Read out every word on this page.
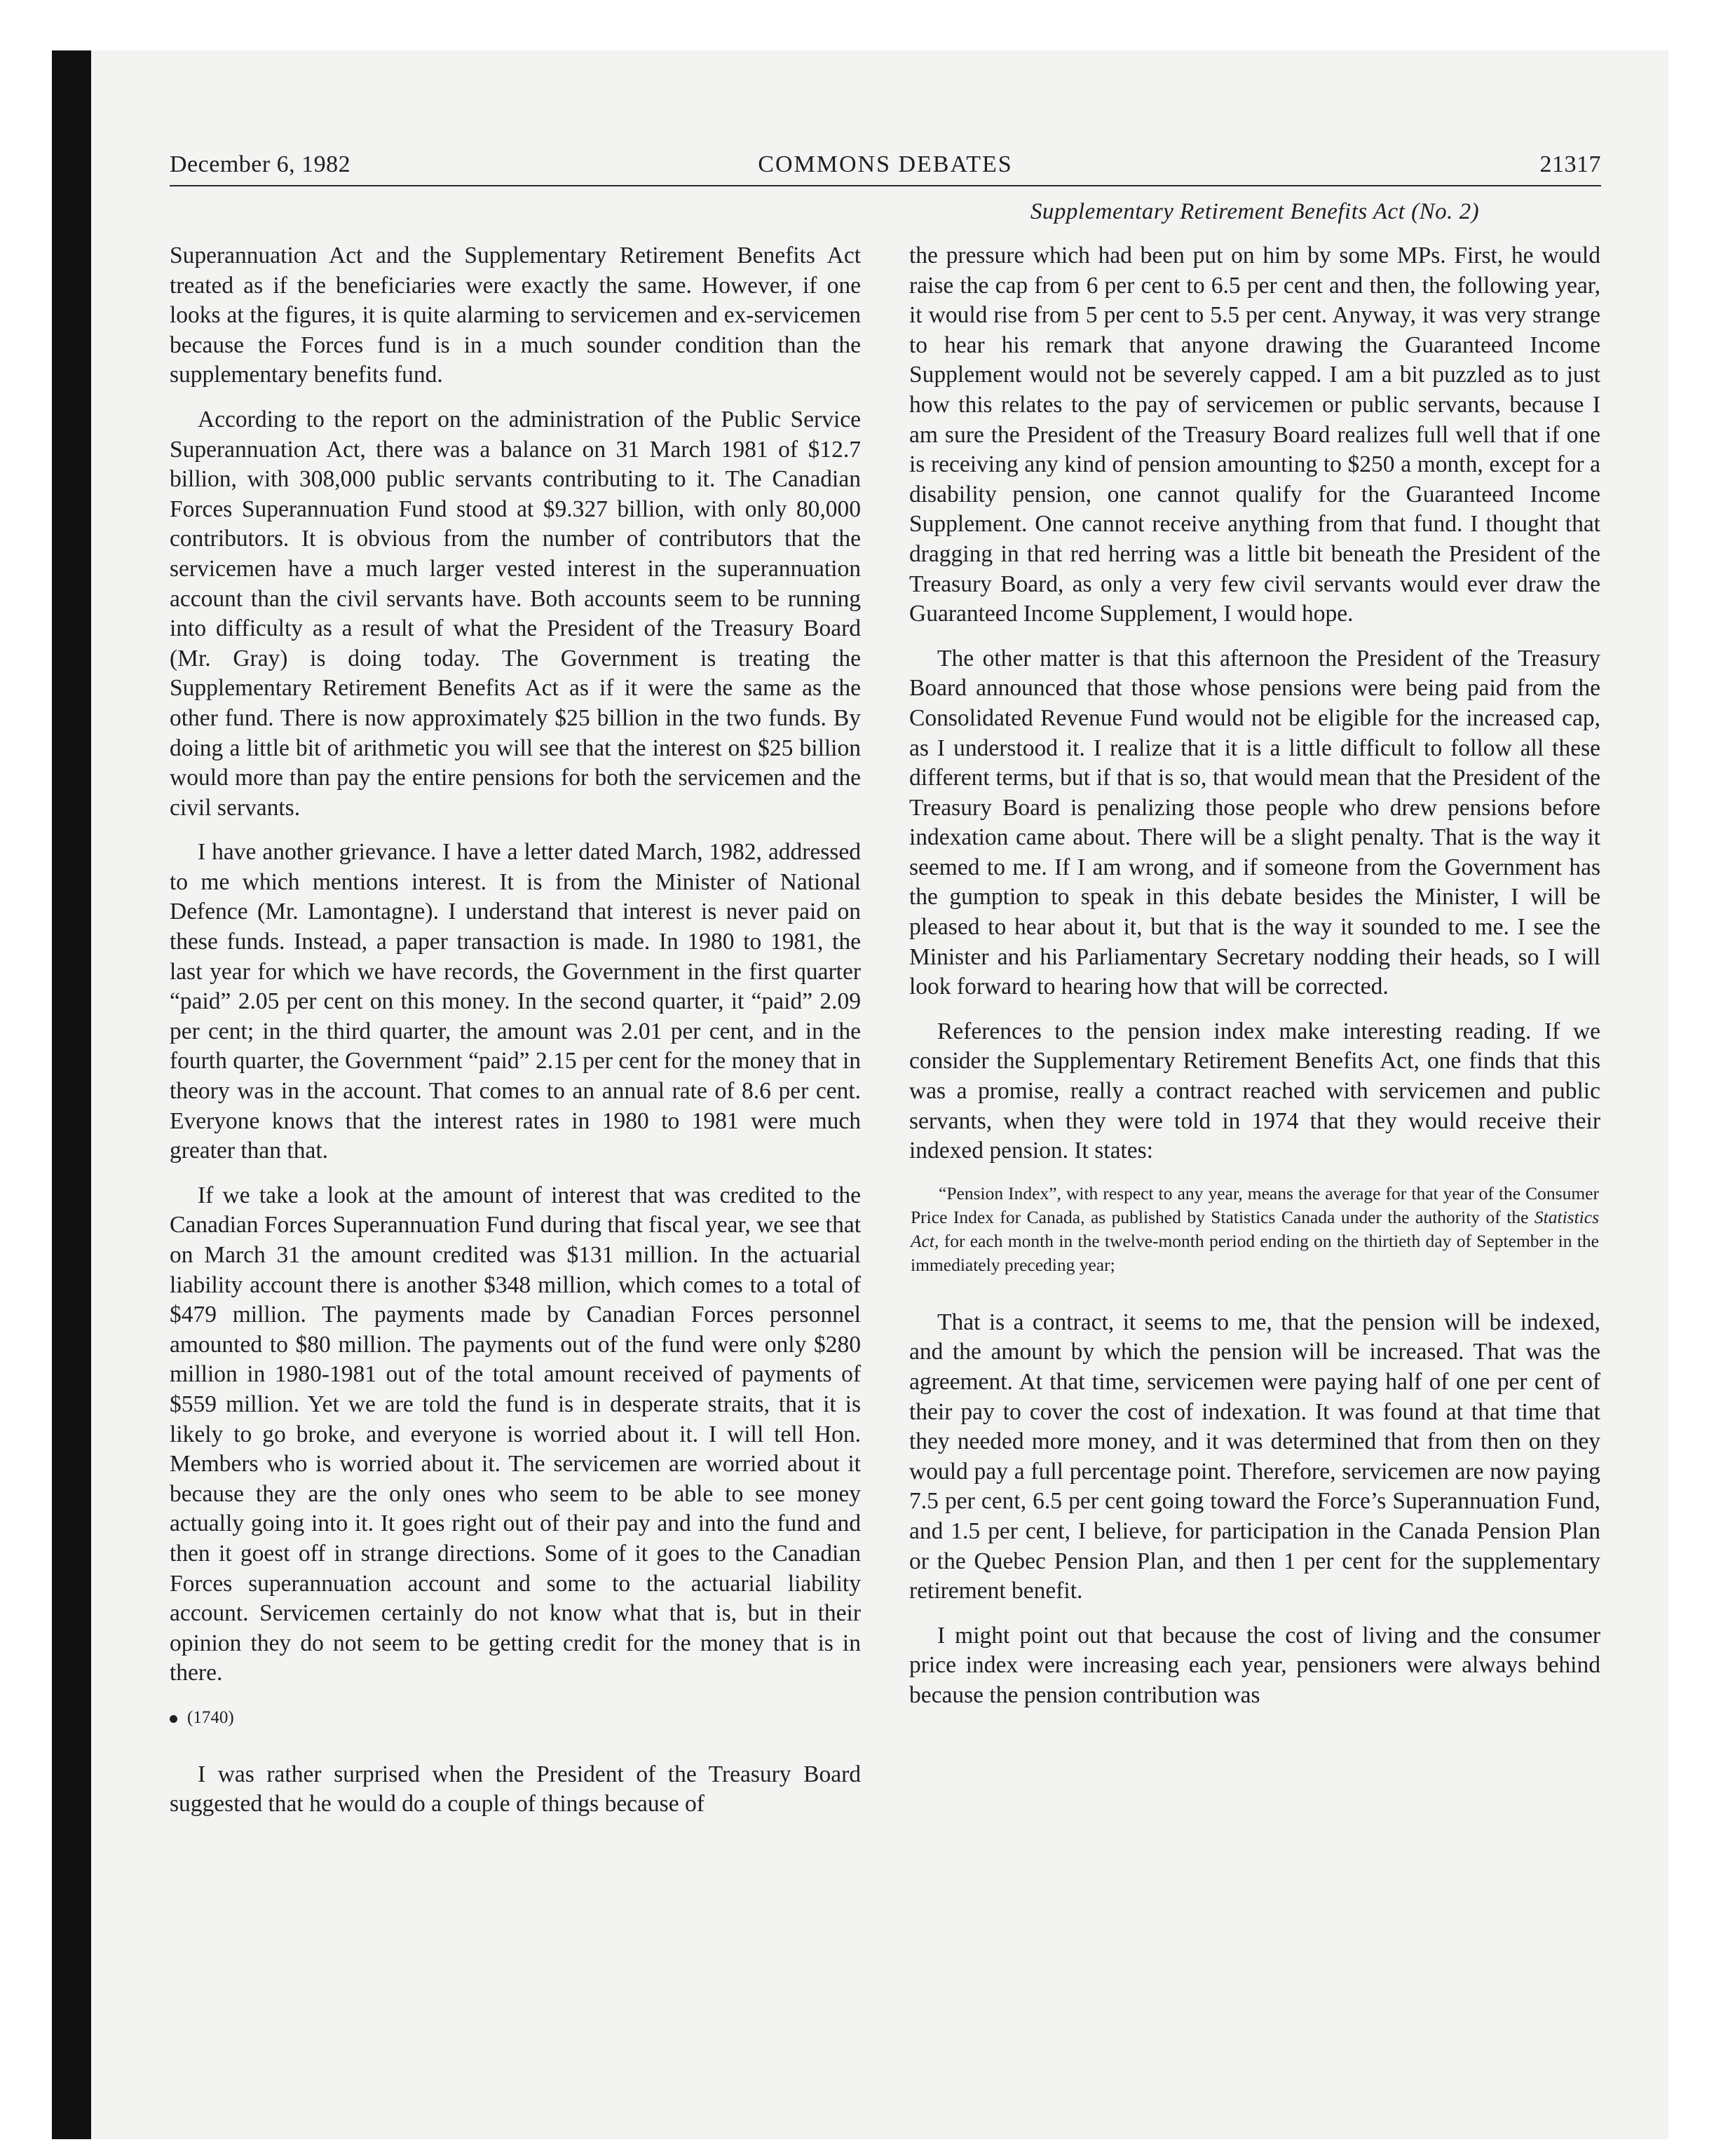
December 6, 1982	COMMONS DEBATES	21317
Supplementary Retirement Benefits Act (No. 2)

Superannuation Act and the Supplementary Retirement Benefits Act treated as if the beneficiaries were exactly the same. However, if one looks at the figures, it is quite alarming to servicemen and ex-servicemen because the Forces fund is in a much sounder condition than the supplementary benefits fund.

According to the report on the administration of the Public Service Superannuation Act, there was a balance on 31 March 1981 of $12.7 billion, with 308,000 public servants contributing to it. The Canadian Forces Superannuation Fund stood at $9.327 billion, with only 80,000 contributors. It is obvious from the number of contributors that the servicemen have a much larger vested interest in the superannuation account than the civil servants have. Both accounts seem to be running into difficulty as a result of what the President of the Treasury Board (Mr. Gray) is doing today. The Government is treating the Supplementary Retirement Benefits Act as if it were the same as the other fund. There is now approximately $25 billion in the two funds. By doing a little bit of arithmetic you will see that the interest on $25 billion would more than pay the entire pensions for both the servicemen and the civil servants.

I have another grievance. I have a letter dated March, 1982, addressed to me which mentions interest. It is from the Minister of National Defence (Mr. Lamontagne). I understand that interest is never paid on these funds. Instead, a paper transaction is made. In 1980 to 1981, the last year for which we have records, the Government in the first quarter “paid” 2.05 per cent on this money. In the second quarter, it “paid” 2.09 per cent; in the third quarter, the amount was 2.01 per cent, and in the fourth quarter, the Government “paid” 2.15 per cent for the money that in theory was in the account. That comes to an annual rate of 8.6 per cent. Everyone knows that the interest rates in 1980 to 1981 were much greater than that.

If we take a look at the amount of interest that was credited to the Canadian Forces Superannuation Fund during that fiscal year, we see that on March 31 the amount credited was $131 million. In the actuarial liability account there is another $348 million, which comes to a total of $479 million. The payments made by Canadian Forces personnel amounted to $80 million. The payments out of the fund were only $280 million in 1980-1981 out of the total amount received of payments of $559 million. Yet we are told the fund is in desperate straits, that it is likely to go broke, and everyone is worried about it. I will tell Hon. Members who is worried about it. The servicemen are worried about it because they are the only ones who seem to be able to see money actually going into it. It goes right out of their pay and into the fund and then it goest off in strange directions. Some of it goes to the Canadian Forces superannuation account and some to the actuarial liability account. Servicemen certainly do not know what that is, but in their opinion they do not seem to be getting credit for the money that is in there.

(1740)

I was rather surprised when the President of the Treasury Board suggested that he would do a couple of things because of

the pressure which had been put on him by some MPs. First, he would raise the cap from 6 per cent to 6.5 per cent and then, the following year, it would rise from 5 per cent to 5.5 per cent. Anyway, it was very strange to hear his remark that anyone drawing the Guaranteed Income Supplement would not be severely capped. I am a bit puzzled as to just how this relates to the pay of servicemen or public servants, because I am sure the President of the Treasury Board realizes full well that if one is receiving any kind of pension amounting to $250 a month, except for a disability pension, one cannot qualify for the Guaranteed Income Supplement. One cannot receive anything from that fund. I thought that dragging in that red herring was a little bit beneath the President of the Treasury Board, as only a very few civil servants would ever draw the Guaranteed Income Supplement, I would hope.

The other matter is that this afternoon the President of the Treasury Board announced that those whose pensions were being paid from the Consolidated Revenue Fund would not be eligible for the increased cap, as I understood it. I realize that it is a little difficult to follow all these different terms, but if that is so, that would mean that the President of the Treasury Board is penalizing those people who drew pensions before indexation came about. There will be a slight penalty. That is the way it seemed to me. If I am wrong, and if someone from the Government has the gumption to speak in this debate besides the Minister, I will be pleased to hear about it, but that is the way it sounded to me. I see the Minister and his Parliamentary Secretary nodding their heads, so I will look forward to hearing how that will be corrected.

References to the pension index make interesting reading. If we consider the Supplementary Retirement Benefits Act, one finds that this was a promise, really a contract reached with servicemen and public servants, when they were told in 1974 that they would receive their indexed pension. It states:

“Pension Index”, with respect to any year, means the average for that year of the Consumer Price Index for Canada, as published by Statistics Canada under the authority of the Statistics Act, for each month in the twelve-month period ending on the thirtieth day of September in the immediately preceding year;

That is a contract, it seems to me, that the pension will be indexed, and the amount by which the pension will be increased. That was the agreement. At that time, servicemen were paying half of one per cent of their pay to cover the cost of indexation. It was found at that time that they needed more money, and it was determined that from then on they would pay a full percentage point. Therefore, servicemen are now paying 7.5 per cent, 6.5 per cent going toward the Force’s Superannuation Fund, and 1.5 per cent, I believe, for participation in the Canada Pension Plan or the Quebec Pension Plan, and then 1 per cent for the supplementary retirement benefit.

I might point out that because the cost of living and the consumer price index were increasing each year, pensioners were always behind because the pension contribution was
